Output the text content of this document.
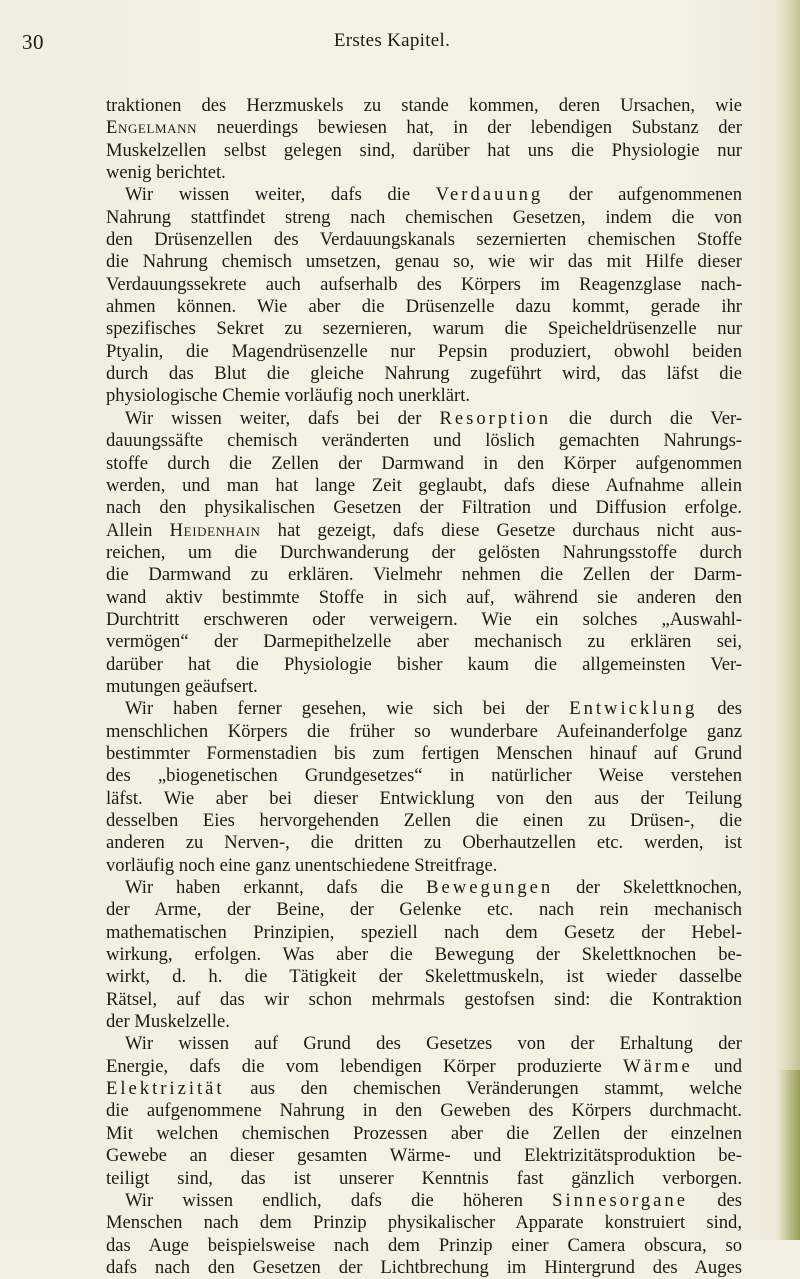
30	Erstes Kapitel.
traktionen des Herzmuskels zu stande kommen, deren Ursachen, wie
Engelmann neuerdings bewiesen hat, in der lebendigen Substanz der
Muskelzellen selbst gelegen sind, darüber hat uns die Physiologie nur
wenig berichtet.
Wir wissen weiter, dafs die Verdauung der aufgenommenen
Nahrung stattfindet streng nach chemischen Gesetzen, indem die von
den Drüsenzellen des Verdauungskanals sezernierten chemischen Stoffe
die Nahrung chemisch umsetzen, genau so, wie wir das mit Hilfe dieser
Verdauungssekrete auch aufserhalb des Körpers im Reagenzglase nach-
ahmen können. Wie aber die Drüsenzelle dazu kommt, gerade ihr
spezifisches Sekret zu sezernieren, warum die Speicheldrüsenzelle nur
Ptyalin, die Magendrüsenzelle nur Pepsin produziert, obwohl beiden
durch das Blut die gleiche Nahrung zugeführt wird, das läfst die
physiologische Chemie vorläufig noch unerklärt.
Wir wissen weiter, dafs bei der Resorption die durch die Ver-
dauungssäfte chemisch veränderten und löslich gemachten Nahrungs-
stoffe durch die Zellen der Darmwand in den Körper aufgenommen
werden, und man hat lange Zeit geglaubt, dafs diese Aufnahme allein
nach den physikalischen Gesetzen der Filtration und Diffusion erfolge.
Allein Heidenhain hat gezeigt, dafs diese Gesetze durchaus nicht aus-
reichen, um die Durchwanderung der gelösten Nahrungsstoffe durch
die Darmwand zu erklären. Vielmehr nehmen die Zellen der Darm-
wand aktiv bestimmte Stoffe in sich auf, während sie anderen den
Durchtritt erschweren oder verweigern. Wie ein solches „Auswahl-
vermögen“ der Darmepithelzelle aber mechanisch zu erklären sei,
darüber hat die Physiologie bisher kaum die allgemeinsten Ver-
mutungen geäufsert.
Wir haben ferner gesehen, wie sich bei der Entwicklung des
menschlichen Körpers die früher so wunderbare Aufeinanderfolge ganz
bestimmter Formenstadien bis zum fertigen Menschen hinauf auf Grund
des „biogenetischen Grundgesetzes“ in natürlicher Weise verstehen
läfst. Wie aber bei dieser Entwicklung von den aus der Teilung
desselben Eies hervorgehenden Zellen die einen zu Drüsen-, die
anderen zu Nerven-, die dritten zu Oberhautzellen etc. werden, ist
vorläufig noch eine ganz unentschiedene Streitfrage.
Wir haben erkannt, dafs die Bewegungen der Skelettknochen,
der Arme, der Beine, der Gelenke etc. nach rein mechanisch
mathematischen Prinzipien, speziell nach dem Gesetz der Hebel-
wirkung, erfolgen. Was aber die Bewegung der Skelettknochen be-
wirkt, d. h. die Tätigkeit der Skelettmuskeln, ist wieder dasselbe
Rätsel, auf das wir schon mehrmals gestofsen sind: die Kontraktion
der Muskelzelle.
Wir wissen auf Grund des Gesetzes von der Erhaltung der
Energie, dafs die vom lebendigen Körper produzierte Wärme und
Elektrizität aus den chemischen Veränderungen stammt, welche
die aufgenommene Nahrung in den Geweben des Körpers durchmacht.
Mit welchen chemischen Prozessen aber die Zellen der einzelnen
Gewebe an dieser gesamten Wärme- und Elektrizitätsproduktion be-
teiligt sind, das ist unserer Kenntnis fast gänzlich verborgen.
Wir wissen endlich, dafs die höheren Sinnesorgane des
Menschen nach dem Prinzip physikalischer Apparate konstruiert sind,
das Auge beispielsweise nach dem Prinzip einer Camera obscura, so
dafs nach den Gesetzen der Lichtbrechung im Hintergrund des Auges
